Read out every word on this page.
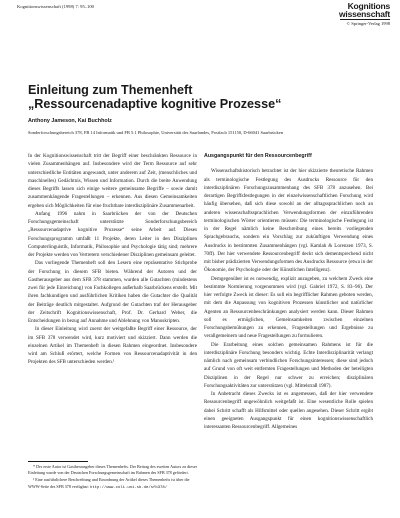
Kognitionswissenschaft (1998) 7: 95–100	Kognitions
wissenschaft
© Springer-Verlag 1998
Einleitung zum Themenheft
„Ressourcenadaptive kognitive Prozesse“
Anthony Jameson, Kai Buchholz
Sonderforschungsbereich 378, FB 14 Informatik und FB 5.1 Philosophie, Universität des Saarlandes, Postfach 151150, D-66041 Saarbrücken

In der Kognitionswissenschaft tritt der Begriff einer beschränkten Ressource in vielen Zusammenhängen auf. Insbesondere wird der Term Ressource auf sehr unterschiedliche Entitäten angewandt, unter anderem auf Zeit, (menschliches und maschinelles) Gedächtnis, Wissen und Information. Durch die breite Anwendung dieses Begriffs lassen sich einige weitere gemeinsame Begriffe – sowie damit zusammenhängende Fragestellungen – erkennen. Aus diesen Gemeinsamkeiten ergeben sich Möglichkeiten für eine fruchtbare interdisziplinäre Zusammenarbeit.

Anfang 1996 nahm in Saarbrücken der von der Deutschen Forschungsgemeinschaft unterstützte Sonderforschungsbereich „Ressourcenadaptive kognitive Prozesse“ seine Arbeit auf. Dieses Forschungsprogramm umfaßt 11 Projekte, deren Leiter in den Disziplinen Computerlinguistik, Informatik, Philosophie und Psychologie tätig sind; mehrere der Projekte werden von Vertretern verschiedener Disziplinen gemeinsam geleitet.

Das vorliegende Themenheft soll den Lesern eine repräsentative Stichprobe der Forschung in diesem SFB bieten. Während der Autoren und der Gastherausgeber aus dem SFB 378 stammen, wurden alle Gutachten (mindestens zwei für jede Einreichung) von Fachkollegen außerhalb Saarbrückens erstellt. Mit ihren fachkundigen und ausführlichen Kritiken haben die Gutachter die Qualität der Beiträge deutlich mitgestaltet. Aufgrund der Gutachten traf der Herausgeber der Zeitschrift Kognitionswissenschaft, Prof. Dr. Gerhard Weber, die Entscheidungen in bezug auf Annahme und Ablehnung von Manuskripten.

In dieser Einleitung wird zuerst der weitgefaßte Begriff einer Ressource, der im SFB 378 verwendet wird, kurz motiviert und skizziert. Dann werden die einzelnen Artikel im Themenheft in diesen Rahmen eingeordnet. Insbesondere wird am Schluß erörtert, welche Formen von Ressourcenadaptivität in den Projekten des SFB unterschieden werden.¹

Ausgangspunkt für den Ressourcenbegriff

Wissenschaftshistorisch betrachtet ist der hier skizzierte theoretische Rahmen als terminologische Festlegung des Ausdrucks Ressource für den interdisziplinären Forschungszusammenhang des SFB 378 anzusehen. Bei derartigen Begriffsfestlegungen in der einzelwissenschaftlichen Forschung wird häufig übersehen, daß sich diese sowohl an der alltagssprachlichen noch an anderen wissenschaftssprachlichen Verwendungsformen der einzuführenden terminologischen Wörter orientieren müssen: Die terminologische Festlegung ist in der Regel nämlich keine Beschreibung eines bereits vorliegenden Sprachgebrauchs, sondern ein Vorschlag zur zukünftigen Verwendung eines Ausdrucks in bestimmten Zusammenhängen (vgl. Kamlah & Lorenzen 1973, S. 70ff). Der hier verwendete Ressourcenbegriff deckt sich dementsprechend nicht mit bisher prädizierten Verwendungsformen des Ausdrucks Ressource (etwa in der Ökonomie, der Psychologie oder der Künstlichen Intelligenz).

Demgegenüber ist es notwendig, explizit anzugeben, zu welchem Zweck eine bestimmte Normierung vorgenommen wird (vgl. Gabriel 1972, S. 83–96). Der hier verfolgte Zweck ist dieser: Es soll ein begrifflicher Rahmen geboten werden, mit dem die Anpassung von kognitiven Prozessen künstlicher und natürlicher Agenten an Ressourcenbeschränkungen analysiert werden kann. Dieser Rahmen soll es ermöglichen, Gemeinsamkeiten zwischen einzelnen Forschungsbemühungen zu erkennen, Fragestellungen und Ergebnisse zu verallgemeinern und neue Fragestellungen zu formulieren.

Die Erarbeitung eines solchen gemeinsamen Rahmens ist für die interdisziplinäre Forschung besonders wichtig. Echte Interdisziplinarität verlangt nämlich nach gemeinsam verbindlichen Forschungsinteressen; diese sind jedoch auf Grund von oft weit entfernten Fragestellungen und Methoden der beteiligten Disziplinen in der Regel nur schwer zu erreichen; disziplinären Forschungsaktivitäten zur unterstützen (vgl. Mittelstraß 1987).

In Anbetracht dieses Zwecks ist es angemessen, daß der hier verwendete Ressourcenbegriff ungewöhnlich weitgefaßt ist. Eine wesentliche Rolle spielen dabei Schritt schafft als Hilfsmittel oder quellen angesehen. Dieser Schritt ergibt einen geeigneten Ausgangspunkt für einen kognitionswissenschaftlich interessanten Ressourcenbegriff. Allgemeines

* Der erste Autor ist Gastherausgeber dieses Themenhefts. Der Beitrag des zweiten Autors zu dieser Einleitung wurde von der Deutschen Forschungsgemeinschaft im Rahmen des SFB 378 gefördert.

¹ Eine ausführlichere Beschreibung und Einordnung der Artikel dieses Themenhefts ist über die WWW-Seite des SFB 378 verfügbar: http://www.coli.uni-sb.de/sfb378/
